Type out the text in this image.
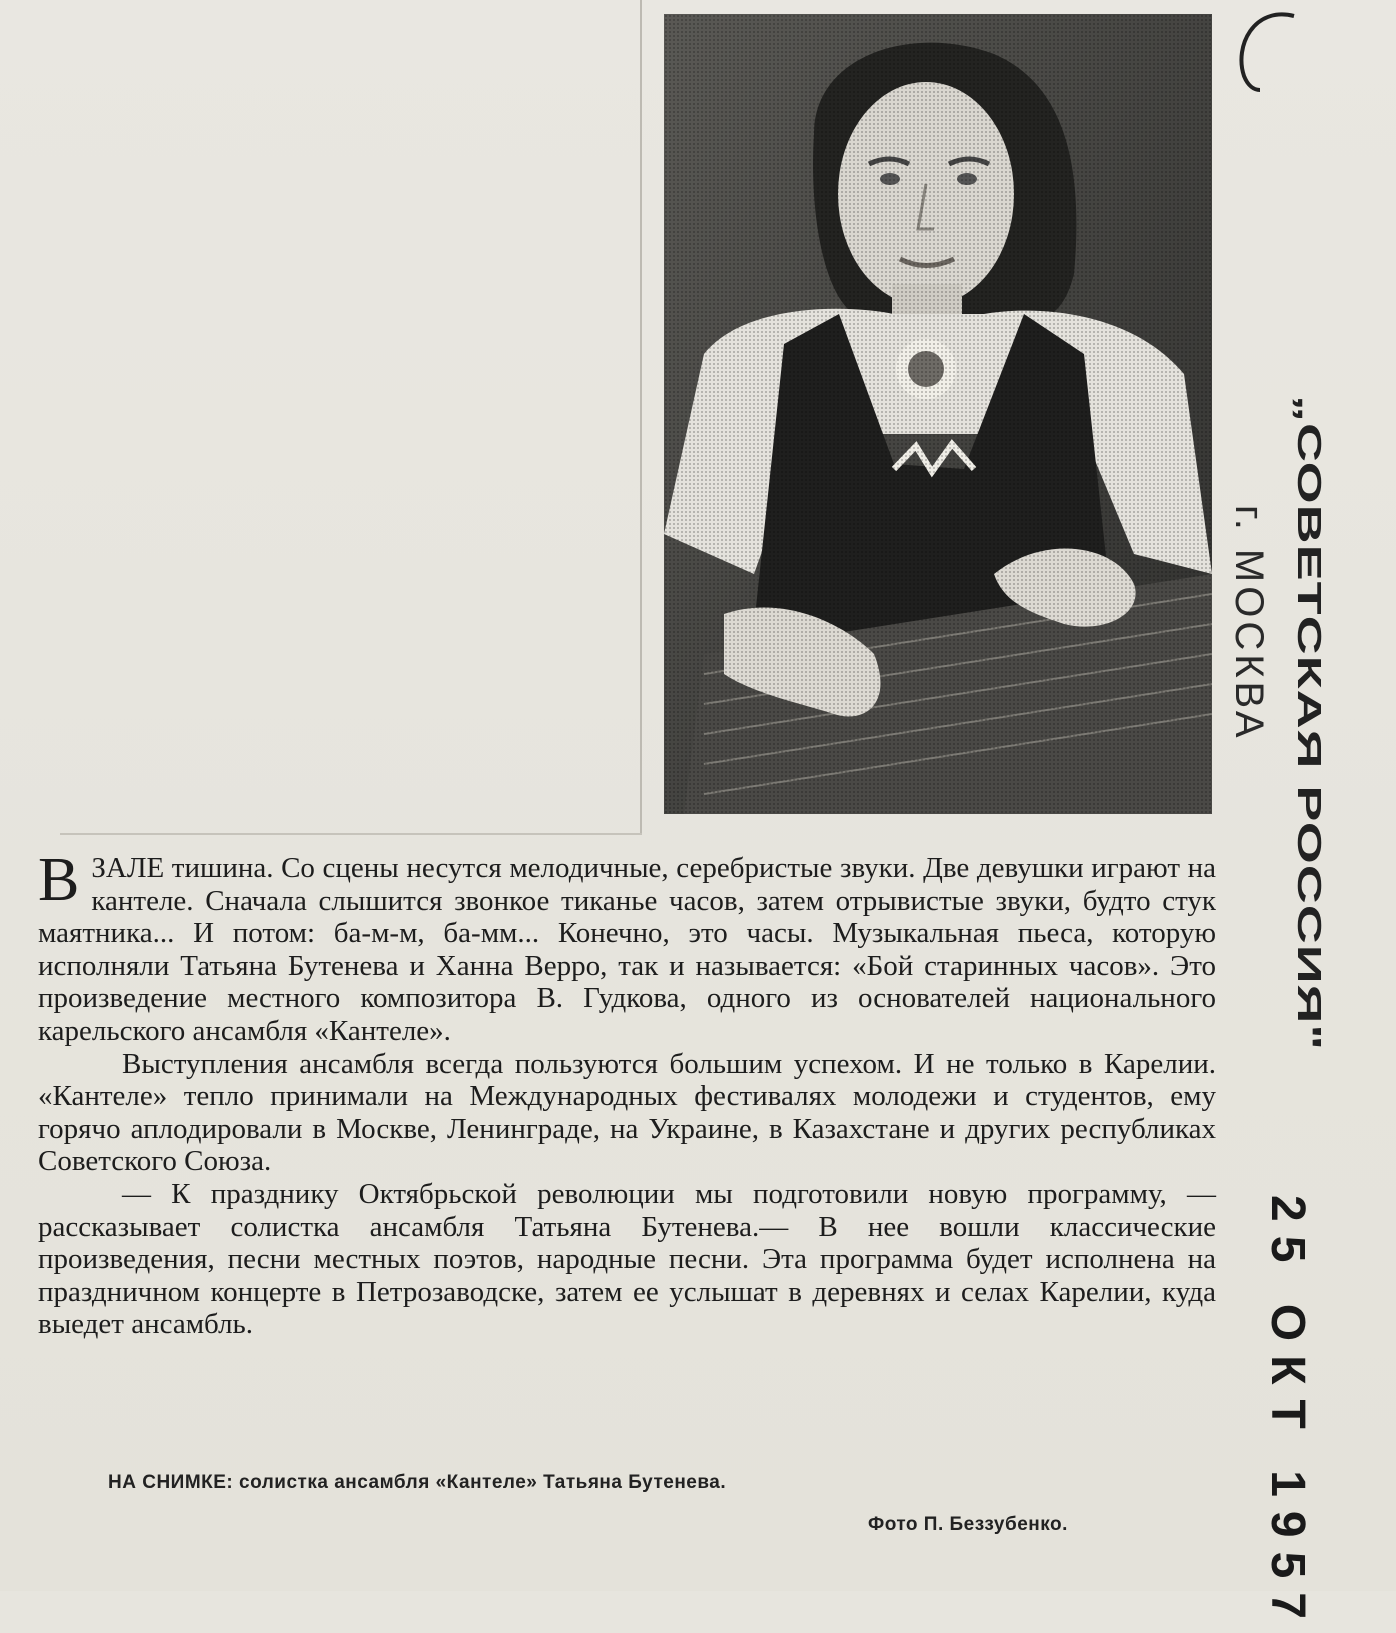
„СОВЕТСКАЯ РОССИЯ"
г. МОСКВА
25 ОКТ 1957
В ЗАЛЕ тишина. Со сцены несутся мелодичные, серебристые звуки. Две девушки играют на кантеле. Сначала слышится звонкое тиканье часов, затем отрывистые звуки, будто стук маятника... И потом: ба-м-м, ба-мм... Конечно, это часы. Музыкальная пьеса, которую исполняли Татьяна Бутенева и Ханна Верро, так и называется: «Бой старинных часов». Это произведение местного композитора В. Гудкова, одного из основателей национального карельского ансамбля «Кантеле».

Выступления ансамбля всегда пользуются большим успехом. И не только в Карелии. «Кантеле» тепло принимали на Международных фестивалях молодежи и студентов, ему горячо аплодировали в Москве, Ленинграде, на Украине, в Казахстане и других республиках Советского Союза.

— К празднику Октябрьской революции мы подготовили новую программу, — рассказывает солистка ансамбля Татьяна Бутенева.— В нее вошли классические произведения, песни местных поэтов, народные песни. Эта программа будет исполнена на праздничном концерте в Петрозаводске, затем ее услышат в деревнях и селах Карелии, куда выедет ансамбль.

НА СНИМКЕ: солистка ансамбля «Кантеле» Татьяна Бутенева.
Фото П. Беззубенко.
